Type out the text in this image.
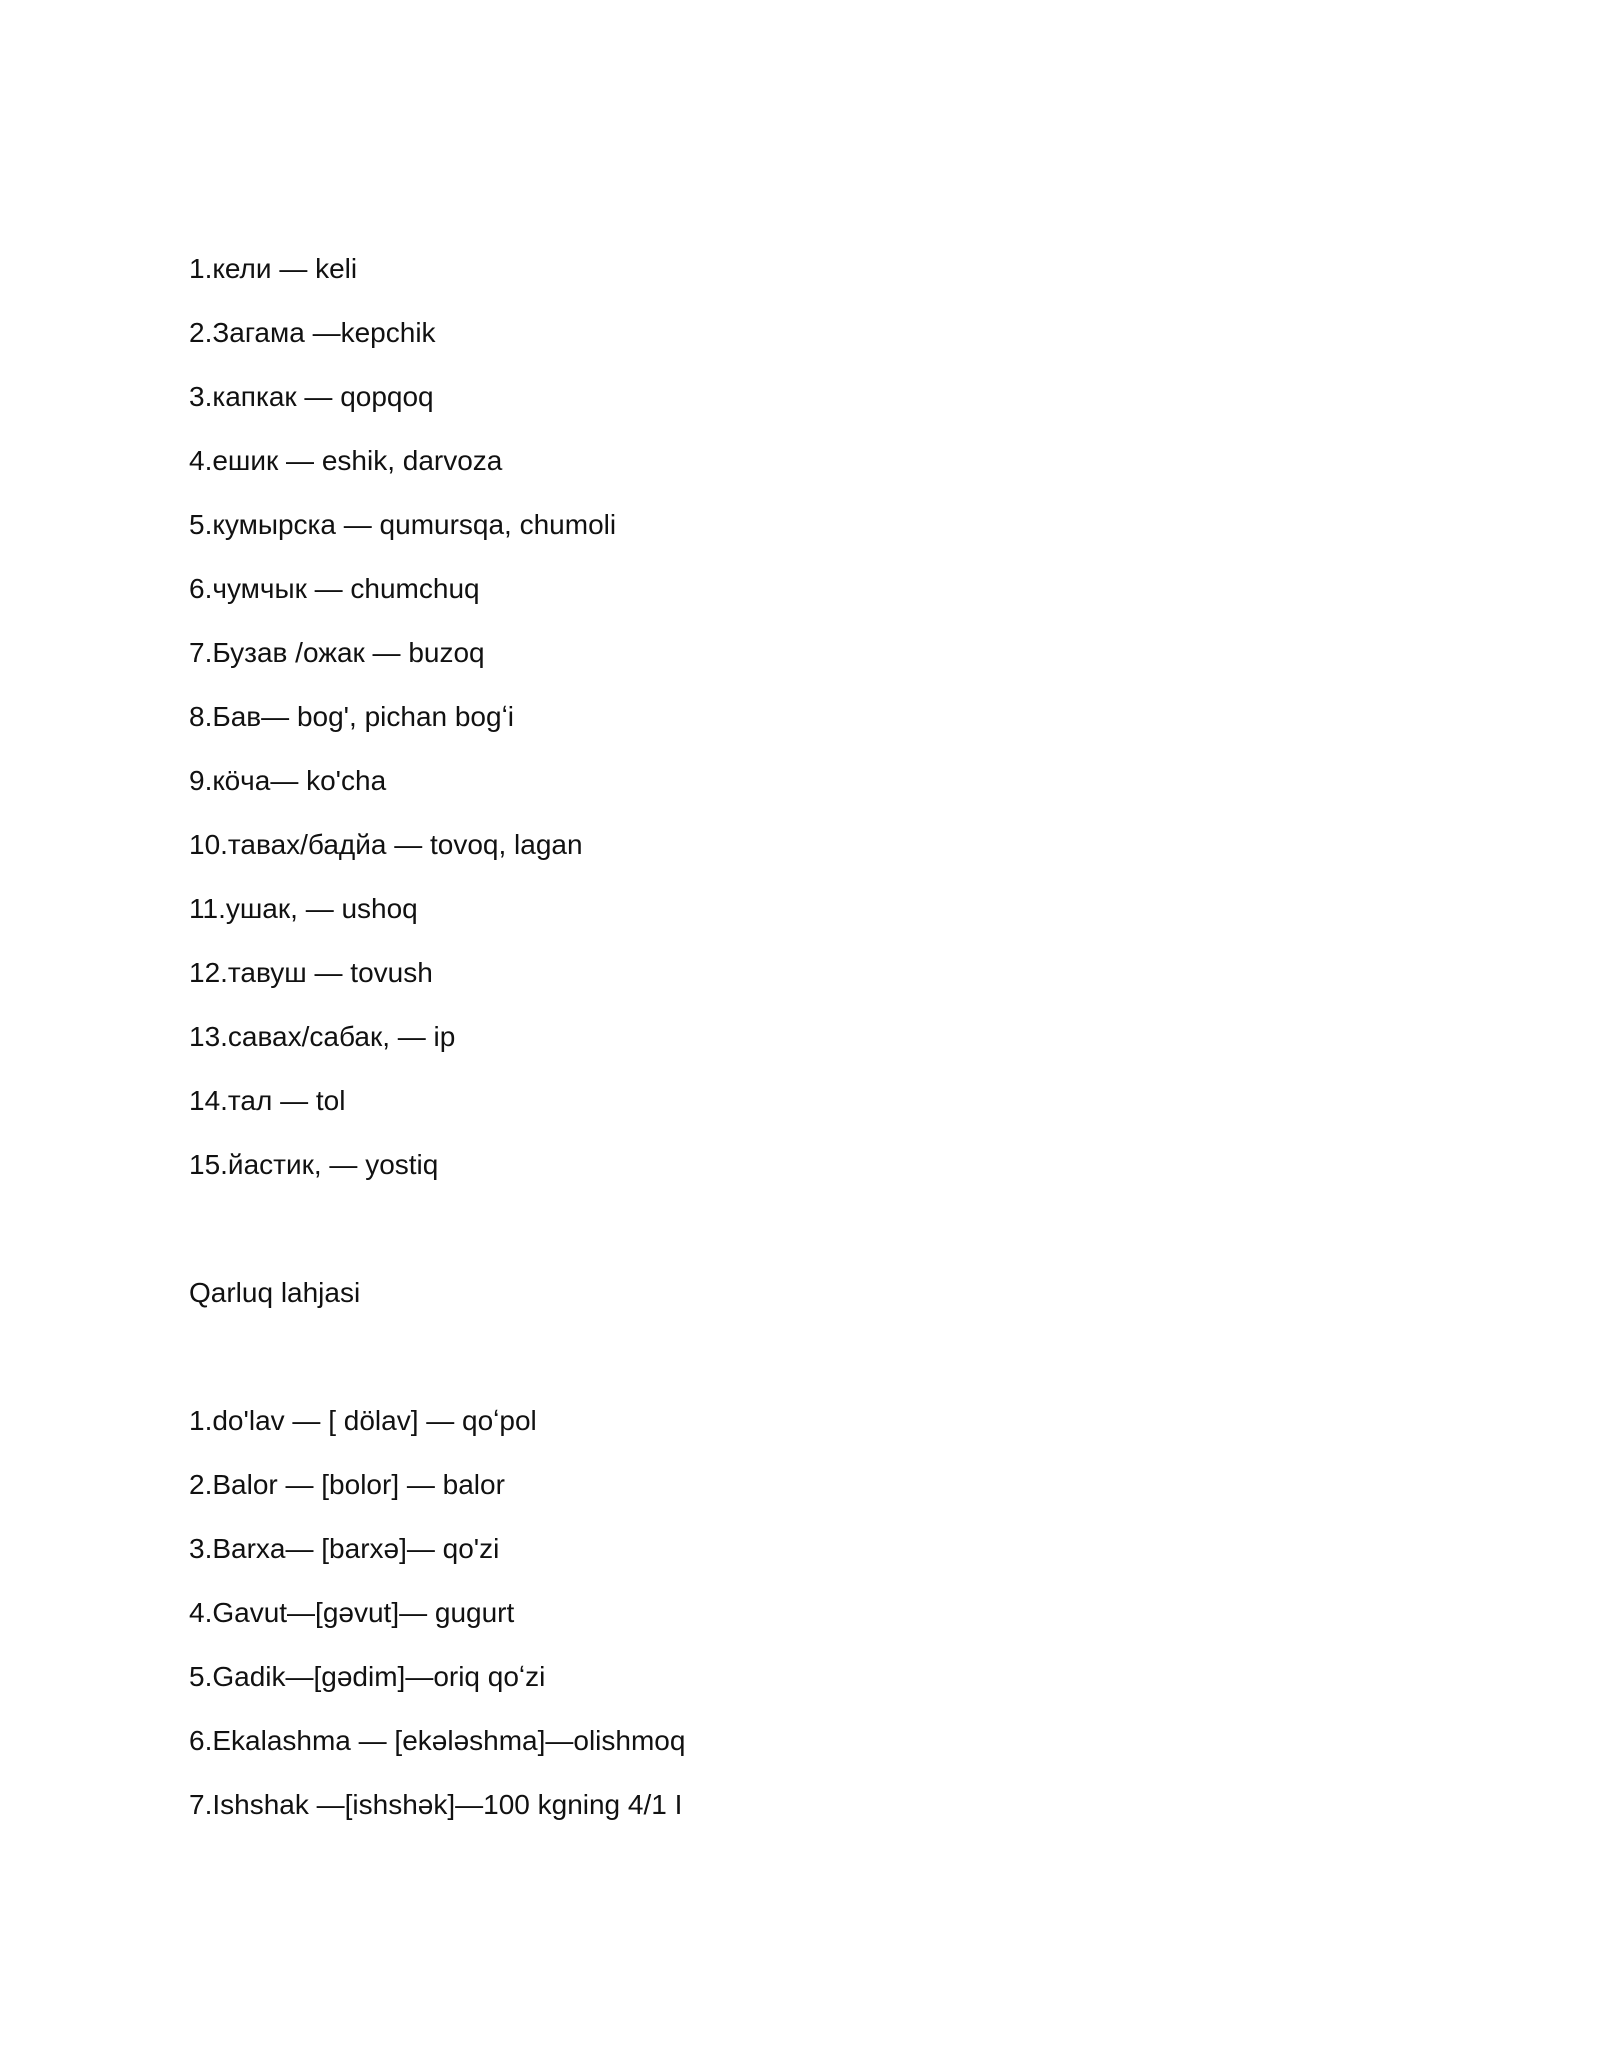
1.кели — keli
2.Загама —kepchik
3.капкак — qopqoq
4.ешик — eshik, darvoza
5.кумырска — qumursqa, chumoli
6.чумчык — chumchuq
7.Бузав /ожак — buzoq
8.Бав— bog', pichan bogʻi
9.кӧча— ko'cha
10.тавах/бадйа — tovoq, lagan
11.ушак, — ushoq
12.тавуш — tovush
13.савах/сабак, — ip
14.тал — tol
15.йастик, — yostiq
Qarluq lahjasi
1.do'lav — [ dölav] — qoʻpol
2.Balor — [bolor] — balor
3.Barxa— [barxə]— qo'zi
4.Gavut—[gəvut]— gugurt
5.Gadik—[gədim]—oriq qoʻzi
6.Ekalashma — [ekələshma]—olishmoq
7.Ishshak —[ishshək]—100 kgning 4/1 I
